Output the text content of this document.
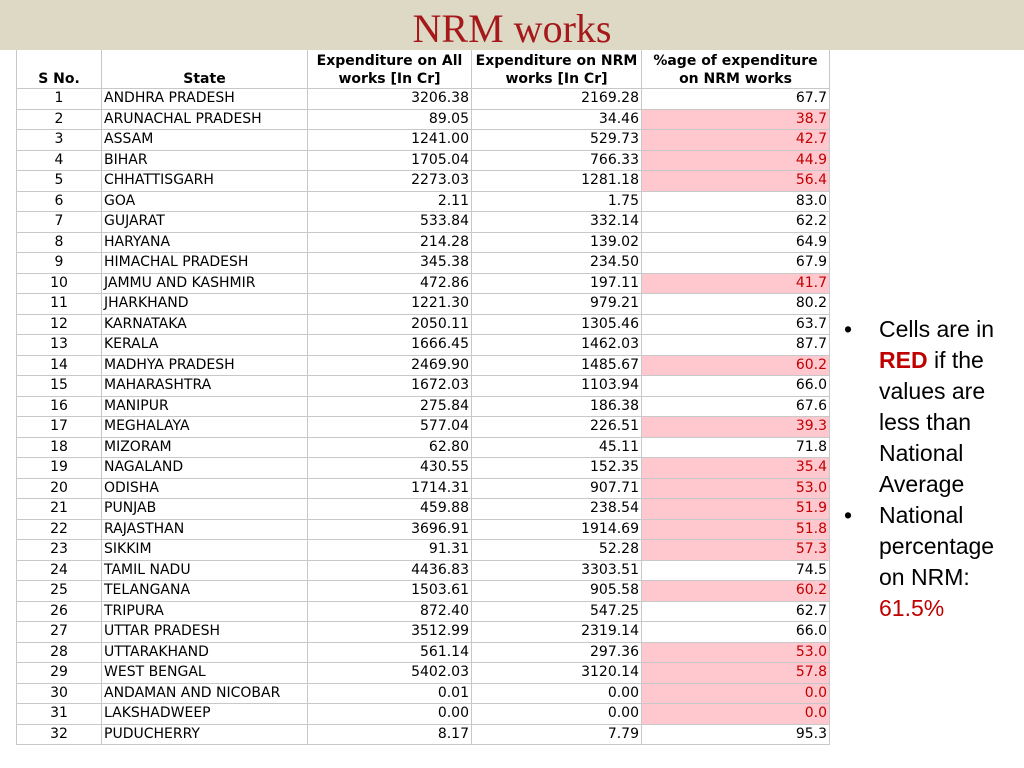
NRM works
S No.	State	Expenditure on All works [In Cr]	Expenditure on NRM works [In Cr]	%age of expenditure on NRM works
1	ANDHRA PRADESH	3206.38	2169.28	67.7
2	ARUNACHAL PRADESH	89.05	34.46	38.7
3	ASSAM	1241.00	529.73	42.7
4	BIHAR	1705.04	766.33	44.9
5	CHHATTISGARH	2273.03	1281.18	56.4
6	GOA	2.11	1.75	83.0
7	GUJARAT	533.84	332.14	62.2
8	HARYANA	214.28	139.02	64.9
9	HIMACHAL PRADESH	345.38	234.50	67.9
10	JAMMU AND KASHMIR	472.86	197.11	41.7
11	JHARKHAND	1221.30	979.21	80.2
12	KARNATAKA	2050.11	1305.46	63.7
13	KERALA	1666.45	1462.03	87.7
14	MADHYA PRADESH	2469.90	1485.67	60.2
15	MAHARASHTRA	1672.03	1103.94	66.0
16	MANIPUR	275.84	186.38	67.6
17	MEGHALAYA	577.04	226.51	39.3
18	MIZORAM	62.80	45.11	71.8
19	NAGALAND	430.55	152.35	35.4
20	ODISHA	1714.31	907.71	53.0
21	PUNJAB	459.88	238.54	51.9
22	RAJASTHAN	3696.91	1914.69	51.8
23	SIKKIM	91.31	52.28	57.3
24	TAMIL NADU	4436.83	3303.51	74.5
25	TELANGANA	1503.61	905.58	60.2
26	TRIPURA	872.40	547.25	62.7
27	UTTAR PRADESH	3512.99	2319.14	66.0
28	UTTARAKHAND	561.14	297.36	53.0
29	WEST BENGAL	5402.03	3120.14	57.8
30	ANDAMAN AND NICOBAR	0.01	0.00	0.0
31	LAKSHADWEEP	0.00	0.00	0.0
32	PUDUCHERRY	8.17	7.79	95.3
• Cells are in
RED if the values are less than National Average
• National percentage on NRM:
61.5%
